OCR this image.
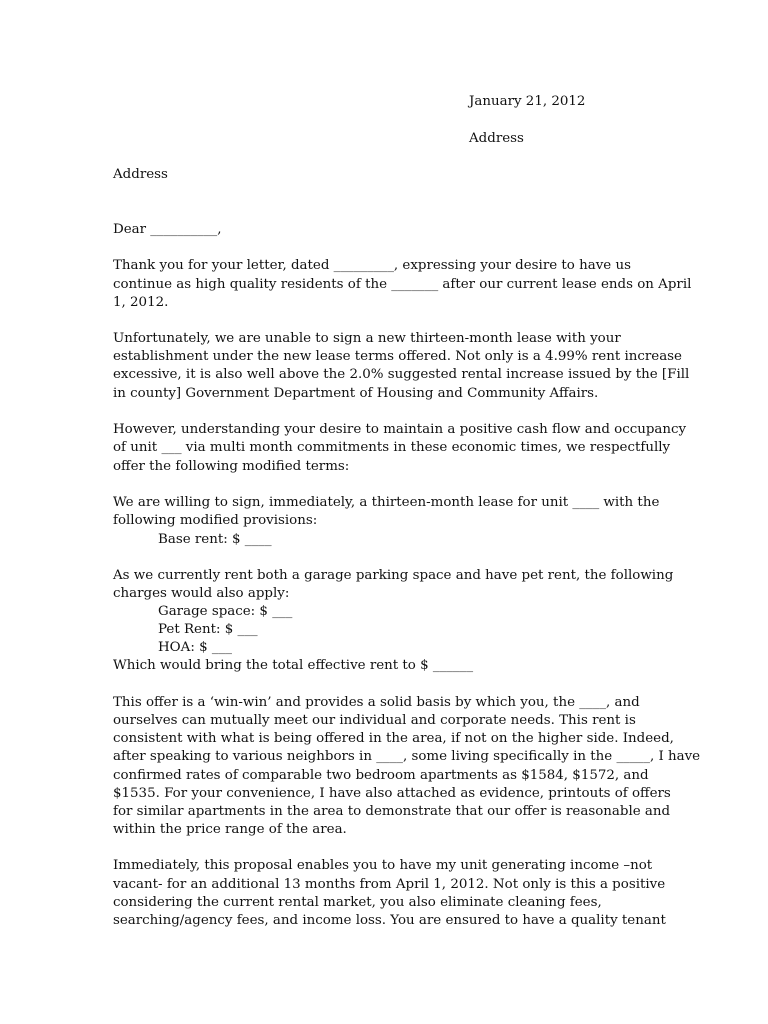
January 21, 2012
Address
Address
Dear __________,
Thank you for your letter, dated _________, expressing your desire to have us
continue as high quality residents of the _______ after our current lease ends on April
1, 2012.
Unfortunately, we are unable to sign a new thirteen-month lease with your
establishment under the new lease terms offered. Not only is a 4.99% rent increase
excessive, it is also well above the 2.0% suggested rental increase issued by the [Fill
in county] Government Department of Housing and Community Affairs.
However, understanding your desire to maintain a positive cash flow and occupancy
of unit ___ via multi month commitments in these economic times, we respectfully
offer the following modified terms:
We are willing to sign, immediately, a thirteen-month lease for unit ____ with the
following modified provisions:
Base rent: $ ____
As we currently rent both a garage parking space and have pet rent, the following
charges would also apply:
Garage space: $ ___
Pet Rent: $ ___
HOA: $ ___
Which would bring the total effective rent to $ ______
This offer is a ‘win-win’ and provides a solid basis by which you, the ____, and
ourselves can mutually meet our individual and corporate needs. This rent is
consistent with what is being offered in the area, if not on the higher side. Indeed,
after speaking to various neighbors in ____, some living specifically in the _____, I have
confirmed rates of comparable two bedroom apartments as $1584, $1572, and
$1535. For your convenience, I have also attached as evidence, printouts of offers
for similar apartments in the area to demonstrate that our offer is reasonable and
within the price range of the area.
Immediately, this proposal enables you to have my unit generating income –not
vacant- for an additional 13 months from April 1, 2012. Not only is this a positive
considering the current rental market, you also eliminate cleaning fees,
searching/agency fees, and income loss. You are ensured to have a quality tenant
